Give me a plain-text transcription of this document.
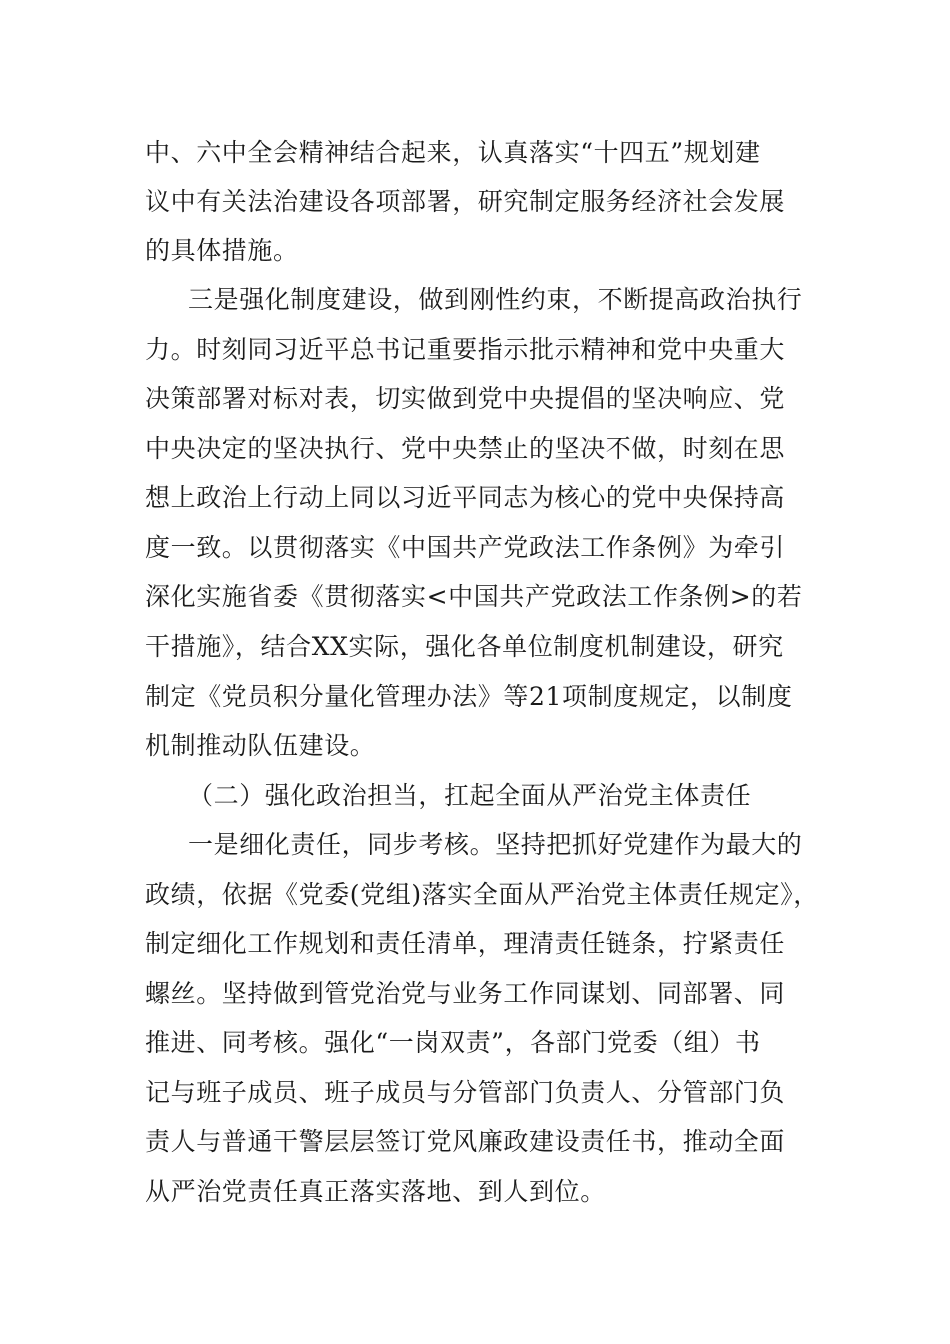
中、六中全会精神结合起来，认真落实“十四五”规划建
议中有关法治建设各项部署，研究制定服务经济社会发展
的具体措施。
三是强化制度建设，做到刚性约束，不断提高政治执行
力。时刻同习近平总书记重要指示批示精神和党中央重大
决策部署对标对表，切实做到党中央提倡的坚决响应、党
中央决定的坚决执行、党中央禁止的坚决不做，时刻在思
想上政治上行动上同以习近平同志为核心的党中央保持高
度一致。以贯彻落实《中国共产党政法工作条例》为牵引
深化实施省委《贯彻落实<中国共产党政法工作条例>的若
干措施》，结合XX实际，强化各单位制度机制建设，研究
制定《党员积分量化管理办法》等21项制度规定，以制度
机制推动队伍建设。
（二）强化政治担当，扛起全面从严治党主体责任
一是细化责任，同步考核。坚持把抓好党建作为最大的
政绩，依据《党委(党组)落实全面从严治党主体责任规定》，
制定细化工作规划和责任清单，理清责任链条，拧紧责任
螺丝。坚持做到管党治党与业务工作同谋划、同部署、同
推进、同考核。强化“一岗双责”，各部门党委（组）书
记与班子成员、班子成员与分管部门负责人、分管部门负
责人与普通干警层层签订党风廉政建设责任书，推动全面
从严治党责任真正落实落地、到人到位。
